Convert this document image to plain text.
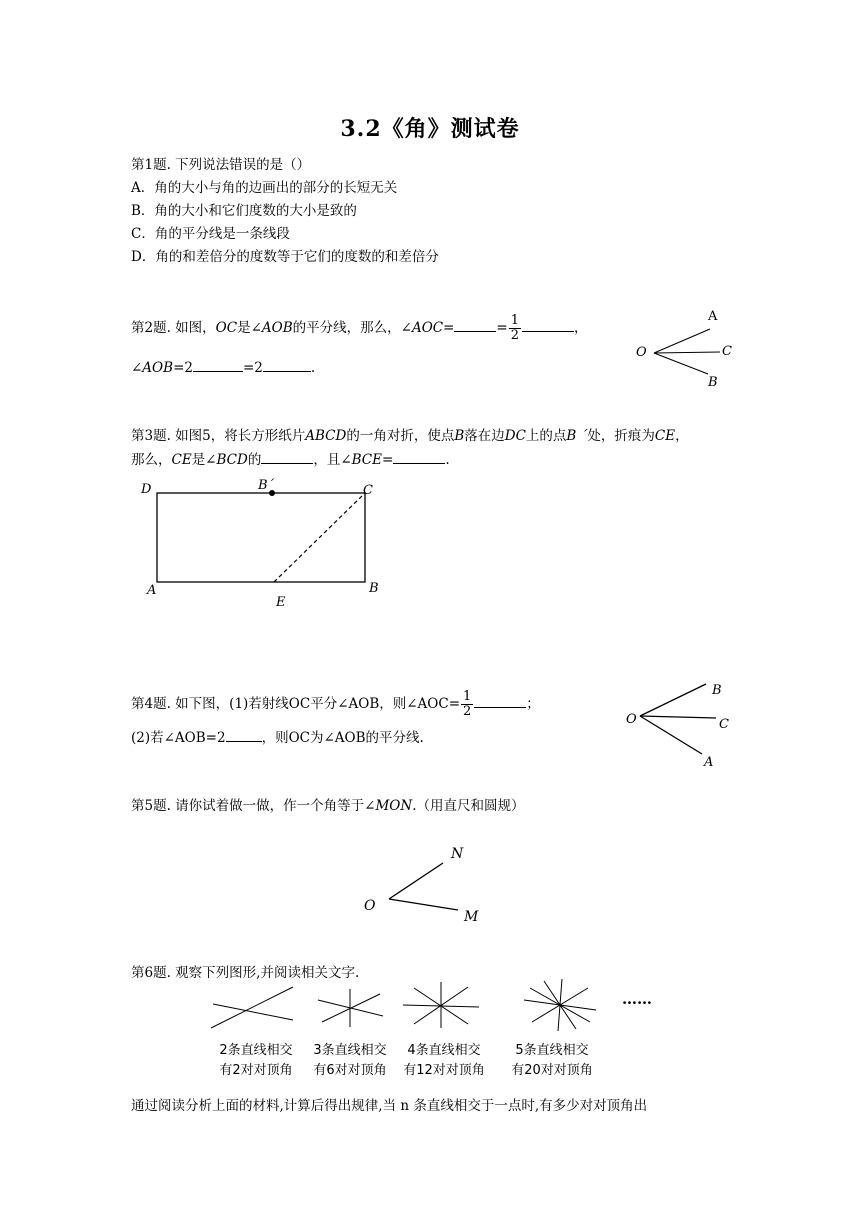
3.2《角》测试卷
第1题. 下列说法错误的是（）
A．角的大小与角的边画出的部分的长短无关
B．角的大小和它们度数的大小是致的
C．角的平分线是一条线段
D．角的和差倍分的度数等于它们的度数的和差倍分
第2题. 如图，OC是∠AOB的平分线，那么，∠AOC=	= $\frac{1}{2}$	，
∠AOB=2	=2	.
A
O	C
B
第3题. 如图5，将长方形纸片ABCD的一角对折，使点B落在边DC上的点B ´处，折痕为CE，
那么，CE是∠BCD的	，且∠BCE=	.
D	B´	C
A
E
B
第4题. 如下图，(1)若射线OC平分∠AOB，则∠AOC= $\frac{1}{2}$	；
(2)若∠AOB=2	，则OC为∠AOB的平分线.
B
O	C
A
第5题. 请你试着做一做，作一个角等于∠MON.（用直尺和圆规）
N
O
M
第6题. 观察下列图形,并阅读相关文字.
……
2条直线相交
有2对对顶角
3条直线相交
有6对对顶角
4条直线相交
有12对对顶角
5条直线相交
有20对对顶角
通过阅读分析上面的材料,计算后得出规律,当 n 条直线相交于一点时,有多少对对顶角出
